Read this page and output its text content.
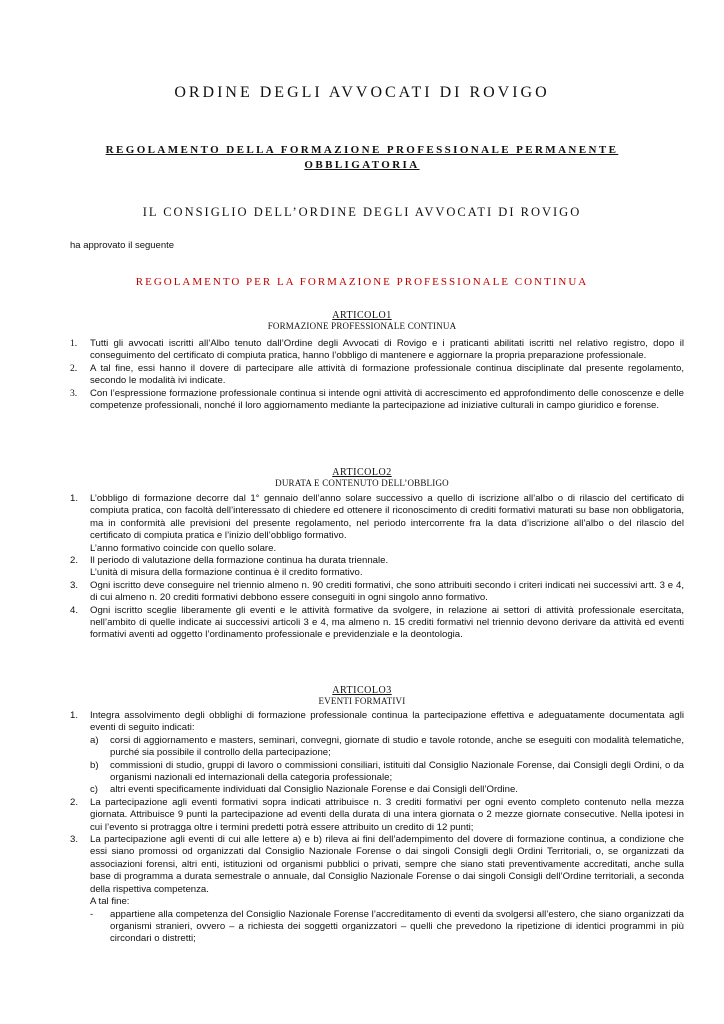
ORDINE DEGLI AVVOCATI DI ROVIGO
REGOLAMENTO DELLA FORMAZIONE PROFESSIONALE PERMANENTE
OBBLIGATORIA
IL CONSIGLIO DELL’ORDINE DEGLI AVVOCATI DI ROVIGO
ha approvato il seguente
REGOLAMENTO PER LA FORMAZIONE PROFESSIONALE CONTINUA
ARTICOLO1
FORMAZIONE PROFESSIONALE CONTINUA
1. Tutti gli avvocati iscritti all’Albo tenuto dall’Ordine degli Avvocati di Rovigo e i praticanti abilitati iscritti nel relativo registro, dopo il conseguimento del certificato di compiuta pratica, hanno l’obbligo di mantenere e aggiornare la propria preparazione professionale.
2. A tal fine, essi hanno il dovere di partecipare alle attività di formazione professionale continua disciplinate dal presente regolamento, secondo le modalità ivi indicate.
3. Con l’espressione formazione professionale continua si intende ogni attività di accrescimento ed approfondimento delle conoscenze e delle competenze professionali, nonché il loro aggiornamento mediante la partecipazione ad iniziative culturali in campo giuridico e forense.
ARTICOLO2
DURATA E CONTENUTO DELL’OBBLIGO
1. L’obbligo di formazione decorre dal 1° gennaio dell’anno solare successivo a quello di iscrizione all’albo o di rilascio del certificato di compiuta pratica, con facoltà dell’interessato di chiedere ed ottenere il riconoscimento di crediti formativi maturati su base non obbligatoria, ma in conformità alle previsioni del presente regolamento, nel periodo intercorrente fra la data d’iscrizione all’albo o del rilascio del certificato di compiuta pratica e l’inizio dell’obbligo formativo.
L’anno formativo coincide con quello solare.
2. Il periodo di valutazione della formazione continua ha durata triennale.
L’unità di misura della formazione continua è il credito formativo.
3. Ogni iscritto deve conseguire nel triennio almeno n. 90 crediti formativi, che sono attribuiti secondo i criteri indicati nei successivi artt. 3 e 4, di cui almeno n. 20 crediti formativi debbono essere conseguiti in ogni singolo anno formativo.
4. Ogni iscritto sceglie liberamente gli eventi e le attività formative da svolgere, in relazione ai settori di attività professionale esercitata, nell’ambito di quelle indicate ai successivi articoli 3 e 4, ma almeno n. 15 crediti formativi nel triennio devono derivare da attività ed eventi formativi aventi ad oggetto l’ordinamento professionale e previdenziale e la deontologia.
ARTICOLO3
EVENTI FORMATIVI
1. Integra assolvimento degli obblighi di formazione professionale continua la partecipazione effettiva e adeguatamente documentata agli eventi di seguito indicati:
a) corsi di aggiornamento e masters, seminari, convegni, giornate di studio e tavole rotonde, anche se eseguiti con modalità telematiche, purché sia possibile il controllo della partecipazione;
b) commissioni di studio, gruppi di lavoro o commissioni consiliari, istituiti dal Consiglio Nazionale Forense, dai Consigli degli Ordini, o da organismi nazionali ed internazionali della categoria professionale;
c) altri eventi specificamente individuati dal Consiglio Nazionale Forense e dai Consigli dell’Ordine.
2. La partecipazione agli eventi formativi sopra indicati attribuisce n. 3 crediti formativi per ogni evento completo contenuto nella mezza giornata. Attribuisce 9 punti la partecipazione ad eventi della durata di una intera giornata o 2 mezze giornate consecutive. Nella ipotesi in cui l’evento si protragga oltre i termini predetti potrà essere attribuito un credito di 12 punti;
3. La partecipazione agli eventi di cui alle lettere a) e b) rileva ai fini dell’adempimento del dovere di formazione continua, a condizione che essi siano promossi od organizzati dal Consiglio Nazionale Forense o dai singoli Consigli degli Ordini Territoriali, o, se organizzati da associazioni forensi, altri enti, istituzioni od organismi pubblici o privati, sempre che siano stati preventivamente accreditati, anche sulla base di programma a durata semestrale o annuale, dal Consiglio Nazionale Forense o dai singoli Consigli dell’Ordine territoriali, a seconda della rispettiva competenza.
A tal fine:
- appartiene alla competenza del Consiglio Nazionale Forense l’accreditamento di eventi da svolgersi all’estero, che siano organizzati da organismi stranieri, ovvero – a richiesta dei soggetti organizzatori – quelli che prevedono la ripetizione di identici programmi in più circondari o distretti;
